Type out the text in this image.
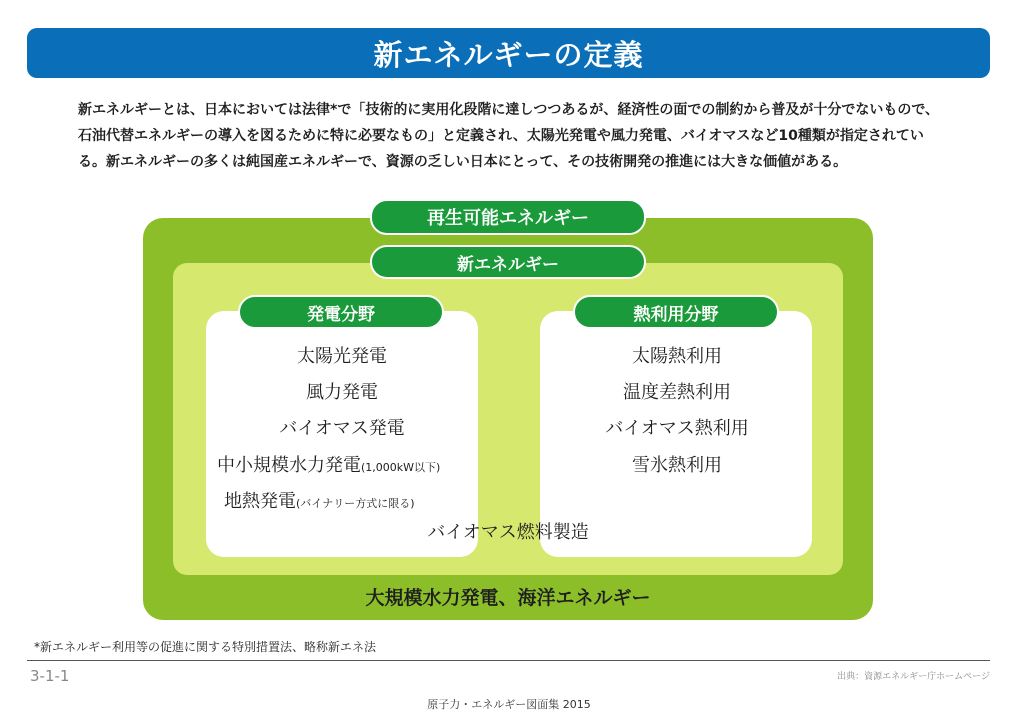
新エネルギーの定義
新エネルギーとは、日本においては法律*で「技術的に実用化段階に達しつつあるが、経済性の面での制約から普及が十分でないもので、石油代替エネルギーの導入を図るために特に必要なもの」と定義され、太陽光発電や風力発電、バイオマスなど10種類が指定されている。新エネルギーの多くは純国産エネルギーで、資源の乏しい日本にとって、その技術開発の推進には大きな価値がある。
再生可能エネルギー
新エネルギー
発電分野	熱利用分野
太陽光発電
風力発電
バイオマス発電
中小規模水力発電(1,000kW以下)
地熱発電(バイナリー方式に限る)
太陽熱利用
温度差熱利用
バイオマス熱利用
雪氷熱利用
バイオマス燃料製造
大規模水力発電、海洋エネルギー
*新エネルギー利用等の促進に関する特別措置法、略称新エネ法
3-1-1	出典：資源エネルギー庁ホームページ
原子力・エネルギー図面集 2015
